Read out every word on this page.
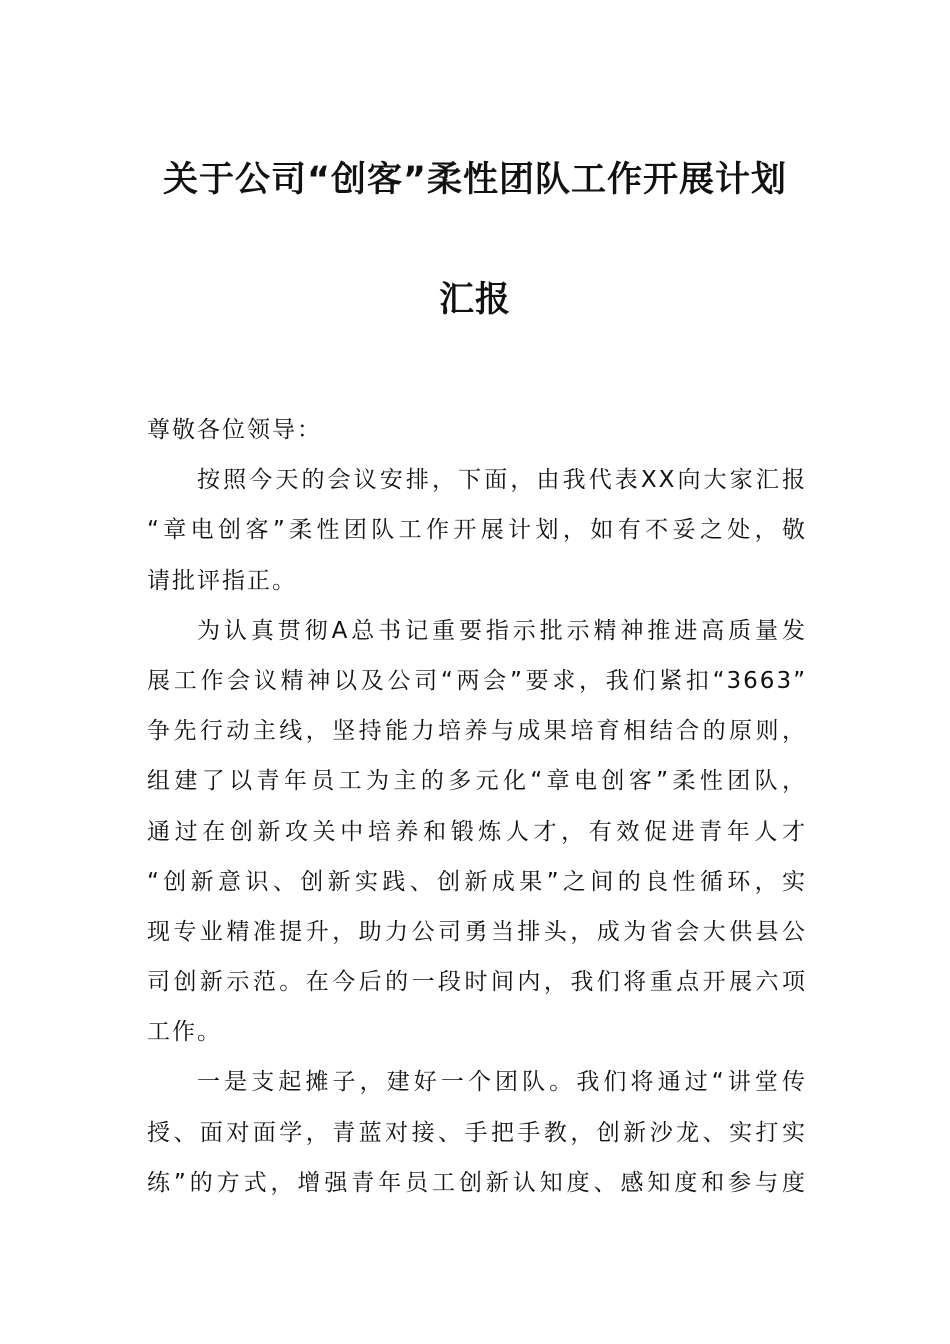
关于公司“创客”柔性团队工作开展计划
汇报
尊敬各位领导：
按照今天的会议安排，下面，由我代表XX向大家汇报
“章电创客”柔性团队工作开展计划，如有不妥之处，敬
请批评指正。
为认真贯彻A总书记重要指示批示精神推进高质量发
展工作会议精神以及公司“两会”要求，我们紧扣“3663”
争先行动主线，坚持能力培养与成果培育相结合的原则，
组建了以青年员工为主的多元化“章电创客”柔性团队，
通过在创新攻关中培养和锻炼人才，有效促进青年人才
“创新意识、创新实践、创新成果”之间的良性循环，实
现专业精准提升，助力公司勇当排头，成为省会大供县公
司创新示范。在今后的一段时间内，我们将重点开展六项
工作。
一是支起摊子，建好一个团队。我们将通过“讲堂传
授、面对面学，青蓝对接、手把手教，创新沙龙、实打实
练”的方式，增强青年员工创新认知度、感知度和参与度
